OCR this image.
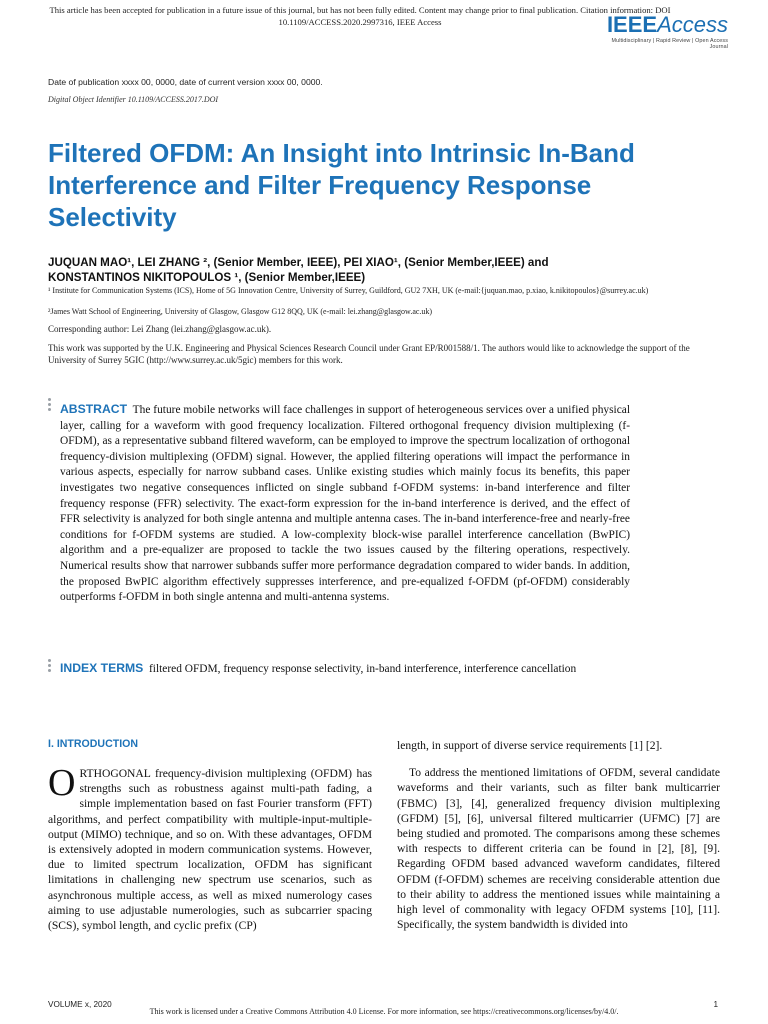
This article has been accepted for publication in a future issue of this journal, but has not been fully edited. Content may change prior to final publication. Citation information: DOI
10.1109/ACCESS.2020.2997316, IEEE Access	IEEEAccess
Multidisciplinary | Rapid Review | Open Access Journal
Date of publication xxxx 00, 0000, date of current version xxxx 00, 0000.
Digital Object Identifier 10.1109/ACCESS.2017.DOI
Filtered OFDM: An Insight into Intrinsic In-Band Interference and Filter Frequency Response Selectivity
JUQUAN MAO¹, LEI ZHANG ², (Senior Member, IEEE), PEI XIAO¹, (Senior Member,IEEE) and
KONSTANTINOS NIKITOPOULOS ¹, (Senior Member,IEEE)
¹ Institute for Communication Systems (ICS), Home of 5G Innovation Centre, University of Surrey, Guildford, GU2 7XH, UK (e-mail:{juquan.mao, p.xiao, k.nikitopoulos}@surrey.ac.uk)
²James Watt School of Engineering, University of Glasgow, Glasgow G12 8QQ, UK (e-mail: lei.zhang@glasgow.ac.uk)
Corresponding author: Lei Zhang (lei.zhang@glasgow.ac.uk).
This work was supported by the U.K. Engineering and Physical Sciences Research Council under Grant EP/R001588/1. The authors would like to acknowledge the support of the University of Surrey 5GIC (http://www.surrey.ac.uk/5gic) members for this work.
ABSTRACT The future mobile networks will face challenges in support of heterogeneous services over a unified physical layer, calling for a waveform with good frequency localization. Filtered orthogonal frequency division multiplexing (f-OFDM), as a representative subband filtered waveform, can be employed to improve the spectrum localization of orthogonal frequency-division multiplexing (OFDM) signal. However, the applied filtering operations will impact the performance in various aspects, especially for narrow subband cases. Unlike existing studies which mainly focus its benefits, this paper investigates two negative consequences inflicted on single subband f-OFDM systems: in-band interference and filter frequency response (FFR) selectivity. The exact-form expression for the in-band interference is derived, and the effect of FFR selectivity is analyzed for both single antenna and multiple antenna cases. The in-band interference-free and nearly-free conditions for f-OFDM systems are studied. A low-complexity block-wise parallel interference cancellation (BwPIC) algorithm and a pre-equalizer are proposed to tackle the two issues caused by the filtering operations, respectively. Numerical results show that narrower subbands suffer more performance degradation compared to wider bands. In addition, the proposed BwPIC algorithm effectively suppresses interference, and pre-equalized f-OFDM (pf-OFDM) considerably outperforms f-OFDM in both single antenna and multi-antenna systems.
INDEX TERMS filtered OFDM, frequency response selectivity, in-band interference, interference cancellation
I. INTRODUCTION
O RTHOGONAL frequency-division multiplexing (OFDM) has strengths such as robustness against multi-path fading, a simple implementation based on fast Fourier transform (FFT) algorithms, and perfect compatibility with multiple-input-multiple-output (MIMO) technique, and so on. With these advantages, OFDM is extensively adopted in modern communication systems. However, due to limited spectrum localization, OFDM has significant limitations in challenging new spectrum use scenarios, such as asynchronous multiple access, as well as mixed numerology cases aiming to use adjustable numerologies, such as subcarrier spacing (SCS), symbol length, and cyclic prefix (CP)

length, in support of diverse service requirements [1] [2].

To address the mentioned limitations of OFDM, several candidate waveforms and their variants, such as filter bank multicarrier (FBMC) [3], [4], generalized frequency division multiplexing (GFDM) [5], [6], universal filtered multicarrier (UFMC) [7] are being studied and promoted. The comparisons among these schemes with respects to different criteria can be found in [2], [8], [9]. Regarding OFDM based advanced waveform candidates, filtered OFDM (f-OFDM) schemes are receiving considerable attention due to their ability to address the mentioned issues while maintaining a high level of commonality with legacy OFDM systems [10], [11]. Specifically, the system bandwidth is divided into

VOLUME x, 2020	1
This work is licensed under a Creative Commons Attribution 4.0 License. For more information, see https://creativecommons.org/licenses/by/4.0/.
